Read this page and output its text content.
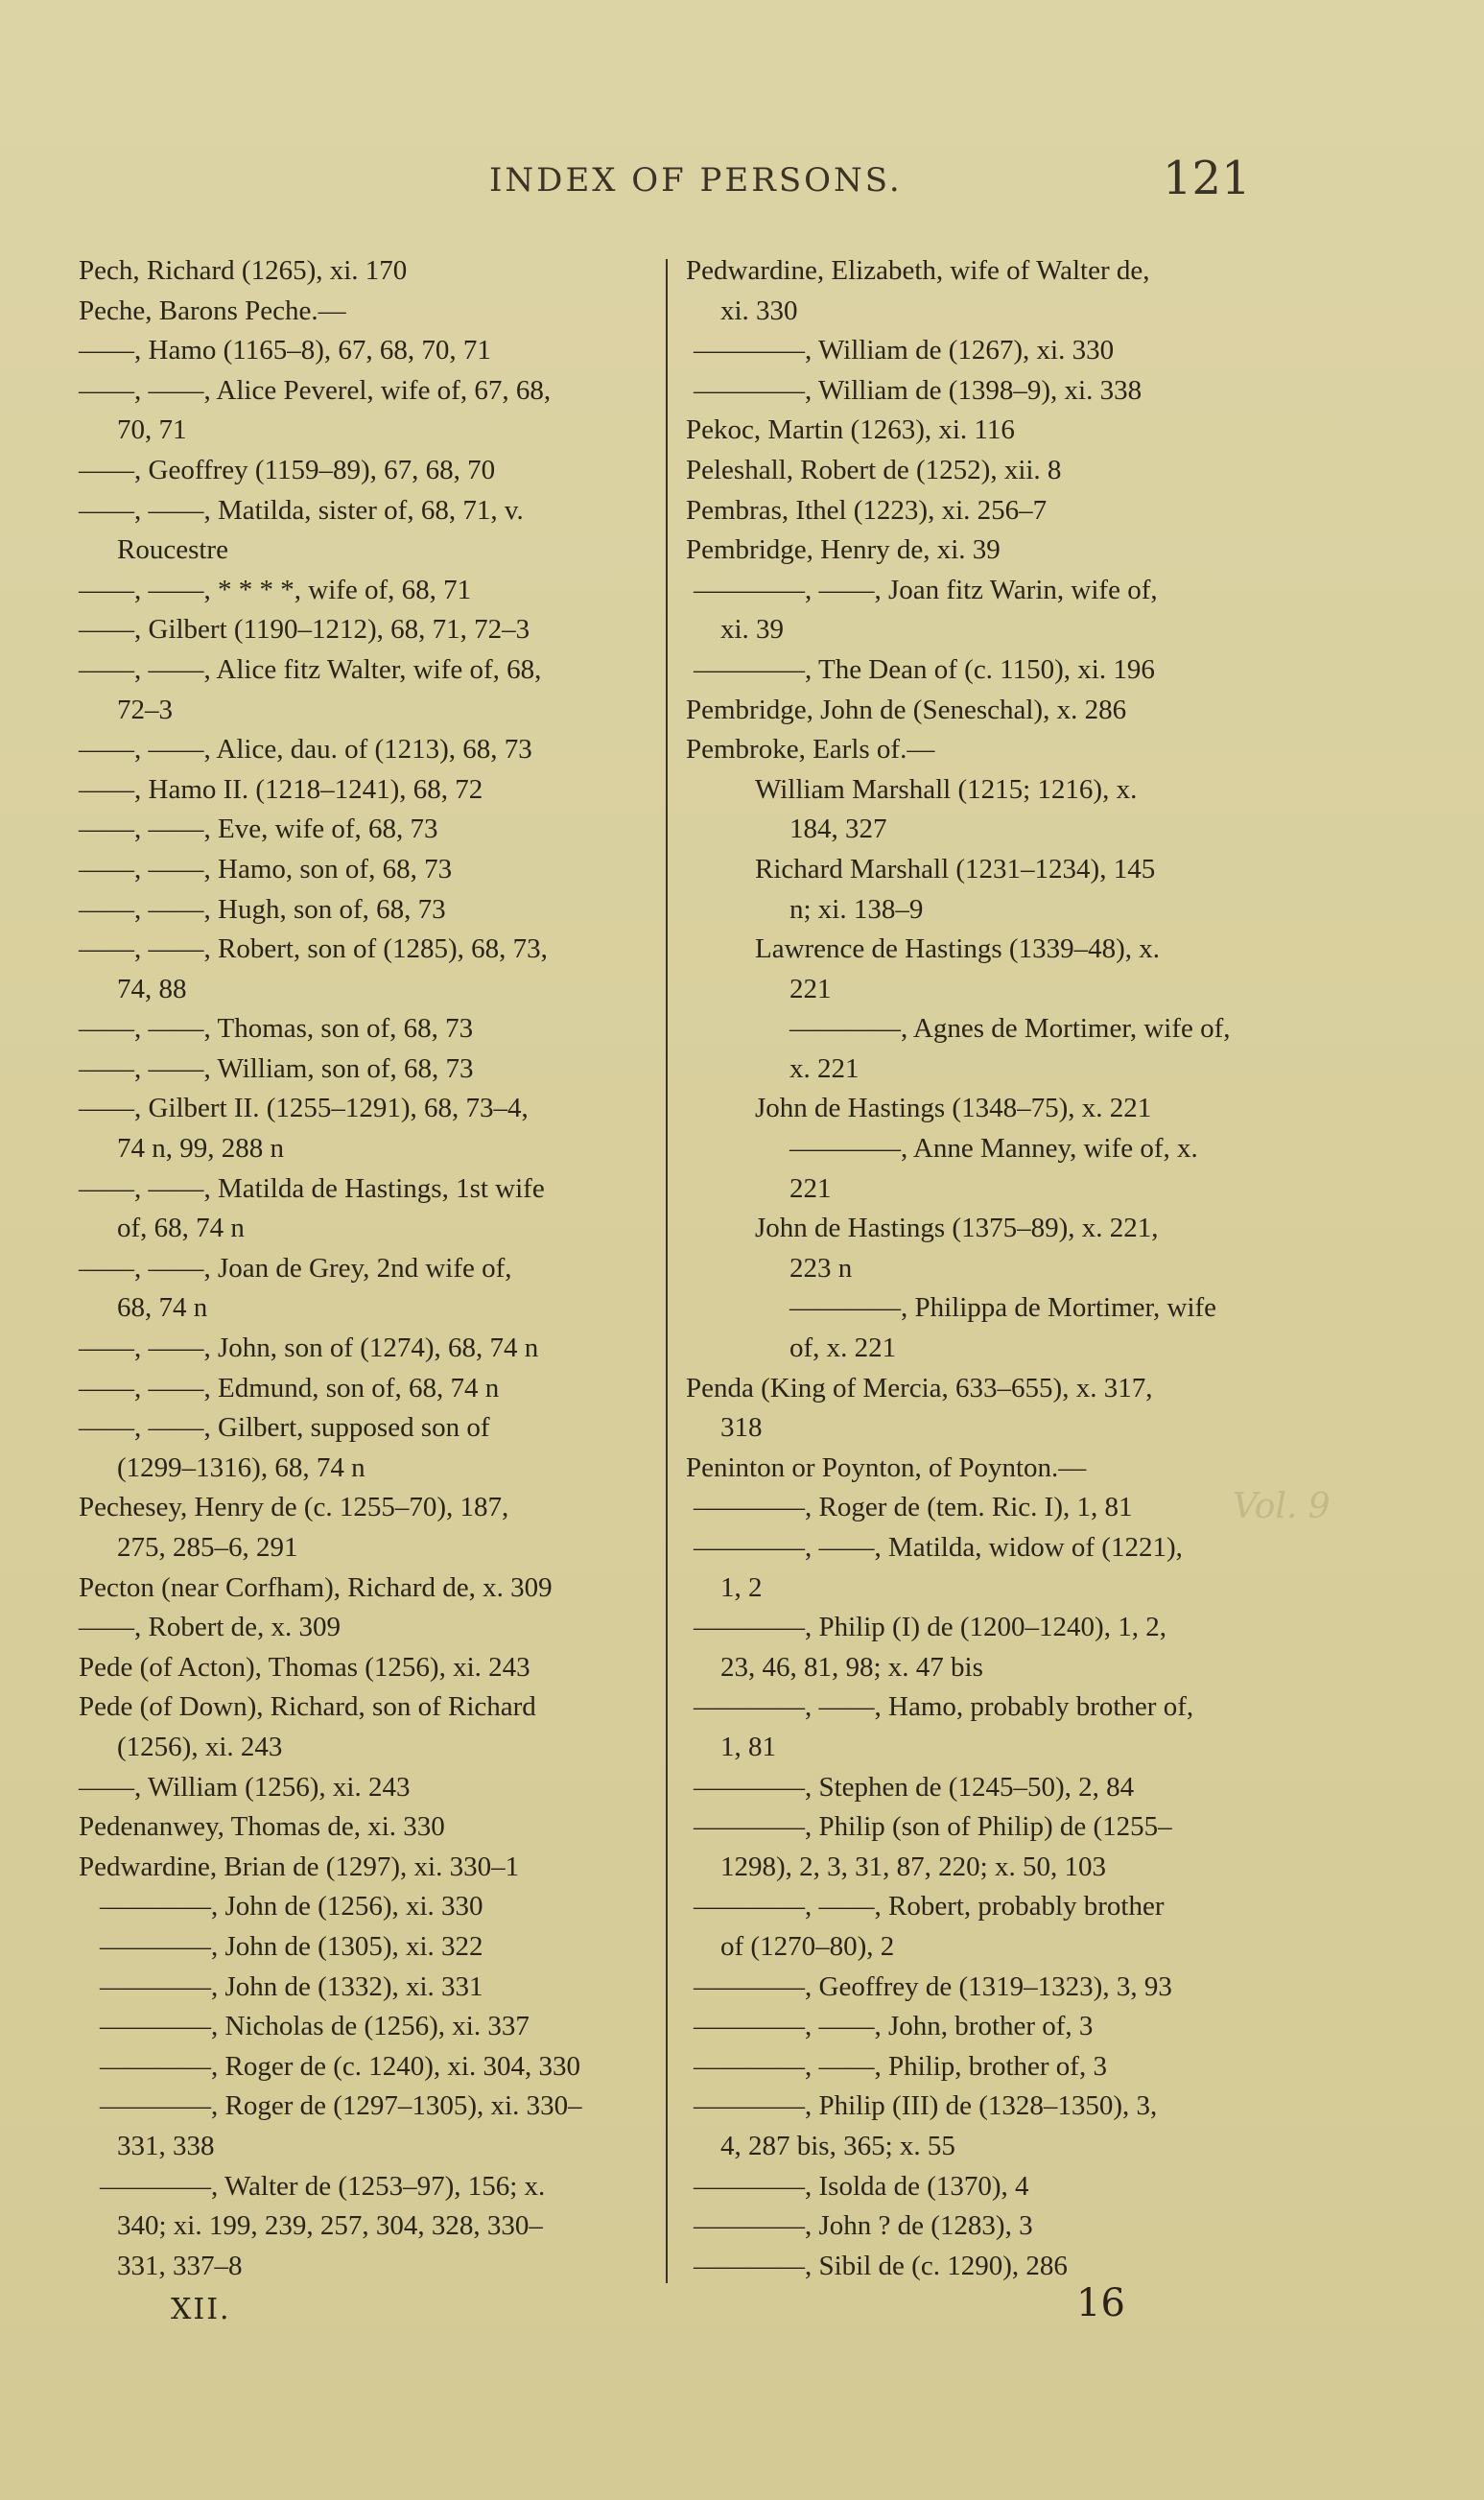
INDEX OF PERSONS.	121
Pech, Richard (1265), xi. 170
Peche, Barons Peche.—
——, Hamo (1165–8), 67, 68, 70, 71
——, ——, Alice Peverel, wife of, 67, 68,
70, 71
——, Geoffrey (1159–89), 67, 68, 70
——, ——, Matilda, sister of, 68, 71, v.
Roucestre
——, ——, * * * *, wife of, 68, 71
——, Gilbert (1190–1212), 68, 71, 72–3
——, ——, Alice fitz Walter, wife of, 68,
72–3
——, ——, Alice, dau. of (1213), 68, 73
——, Hamo II. (1218–1241), 68, 72
——, ——, Eve, wife of, 68, 73
——, ——, Hamo, son of, 68, 73
——, ——, Hugh, son of, 68, 73
——, ——, Robert, son of (1285), 68, 73,
74, 88
——, ——, Thomas, son of, 68, 73
——, ——, William, son of, 68, 73
——, Gilbert II. (1255–1291), 68, 73–4,
74 n, 99, 288 n
——, ——, Matilda de Hastings, 1st wife
of, 68, 74 n
——, ——, Joan de Grey, 2nd wife of,
68, 74 n
——, ——, John, son of (1274), 68, 74 n
——, ——, Edmund, son of, 68, 74 n
——, ——, Gilbert, supposed son of
(1299–1316), 68, 74 n
Pechesey, Henry de (c. 1255–70), 187,
275, 285–6, 291
Pecton (near Corfham), Richard de, x. 309
——, Robert de, x. 309
Pede (of Acton), Thomas (1256), xi. 243
Pede (of Down), Richard, son of Richard
(1256), xi. 243
——, William (1256), xi. 243
Pedenanwey, Thomas de, xi. 330
Pedwardine, Brian de (1297), xi. 330–1
————, John de (1256), xi. 330
————, John de (1305), xi. 322
————, John de (1332), xi. 331
————, Nicholas de (1256), xi. 337
————, Roger de (c. 1240), xi. 304, 330
————, Roger de (1297–1305), xi. 330–
331, 338
————, Walter de (1253–97), 156; x.
340; xi. 199, 239, 257, 304, 328, 330–
331, 337–8
Pedwardine, Elizabeth, wife of Walter de,
xi. 330
————, William de (1267), xi. 330
————, William de (1398–9), xi. 338
Pekoc, Martin (1263), xi. 116
Peleshall, Robert de (1252), xii. 8
Pembras, Ithel (1223), xi. 256–7
Pembridge, Henry de, xi. 39
————, ——, Joan fitz Warin, wife of,
xi. 39
————, The Dean of (c. 1150), xi. 196
Pembridge, John de (Seneschal), x. 286
Pembroke, Earls of.—
William Marshall (1215; 1216), x.
184, 327
Richard Marshall (1231–1234), 145
n; xi. 138–9
Lawrence de Hastings (1339–48), x.
221
————, Agnes de Mortimer, wife of,
x. 221
John de Hastings (1348–75), x. 221
————, Anne Manney, wife of, x.
221
John de Hastings (1375–89), x. 221,
223 n
————, Philippa de Mortimer, wife
of, x. 221
Penda (King of Mercia, 633–655), x. 317,
318
Peninton or Poynton, of Poynton.—
————, Roger de (tem. Ric. I), 1, 81
————, ——, Matilda, widow of (1221),
1, 2
————, Philip (I) de (1200–1240), 1, 2,
23, 46, 81, 98; x. 47 bis
————, ——, Hamo, probably brother of,
1, 81
————, Stephen de (1245–50), 2, 84
————, Philip (son of Philip) de (1255–
1298), 2, 3, 31, 87, 220; x. 50, 103
————, ——, Robert, probably brother
of (1270–80), 2
————, Geoffrey de (1319–1323), 3, 93
————, ——, John, brother of, 3
————, ——, Philip, brother of, 3
————, Philip (III) de (1328–1350), 3,
4, 287 bis, 365; x. 55
————, Isolda de (1370), 4
————, John ? de (1283), 3
————, Sibil de (c. 1290), 286
XII.	16
Vol. 9
